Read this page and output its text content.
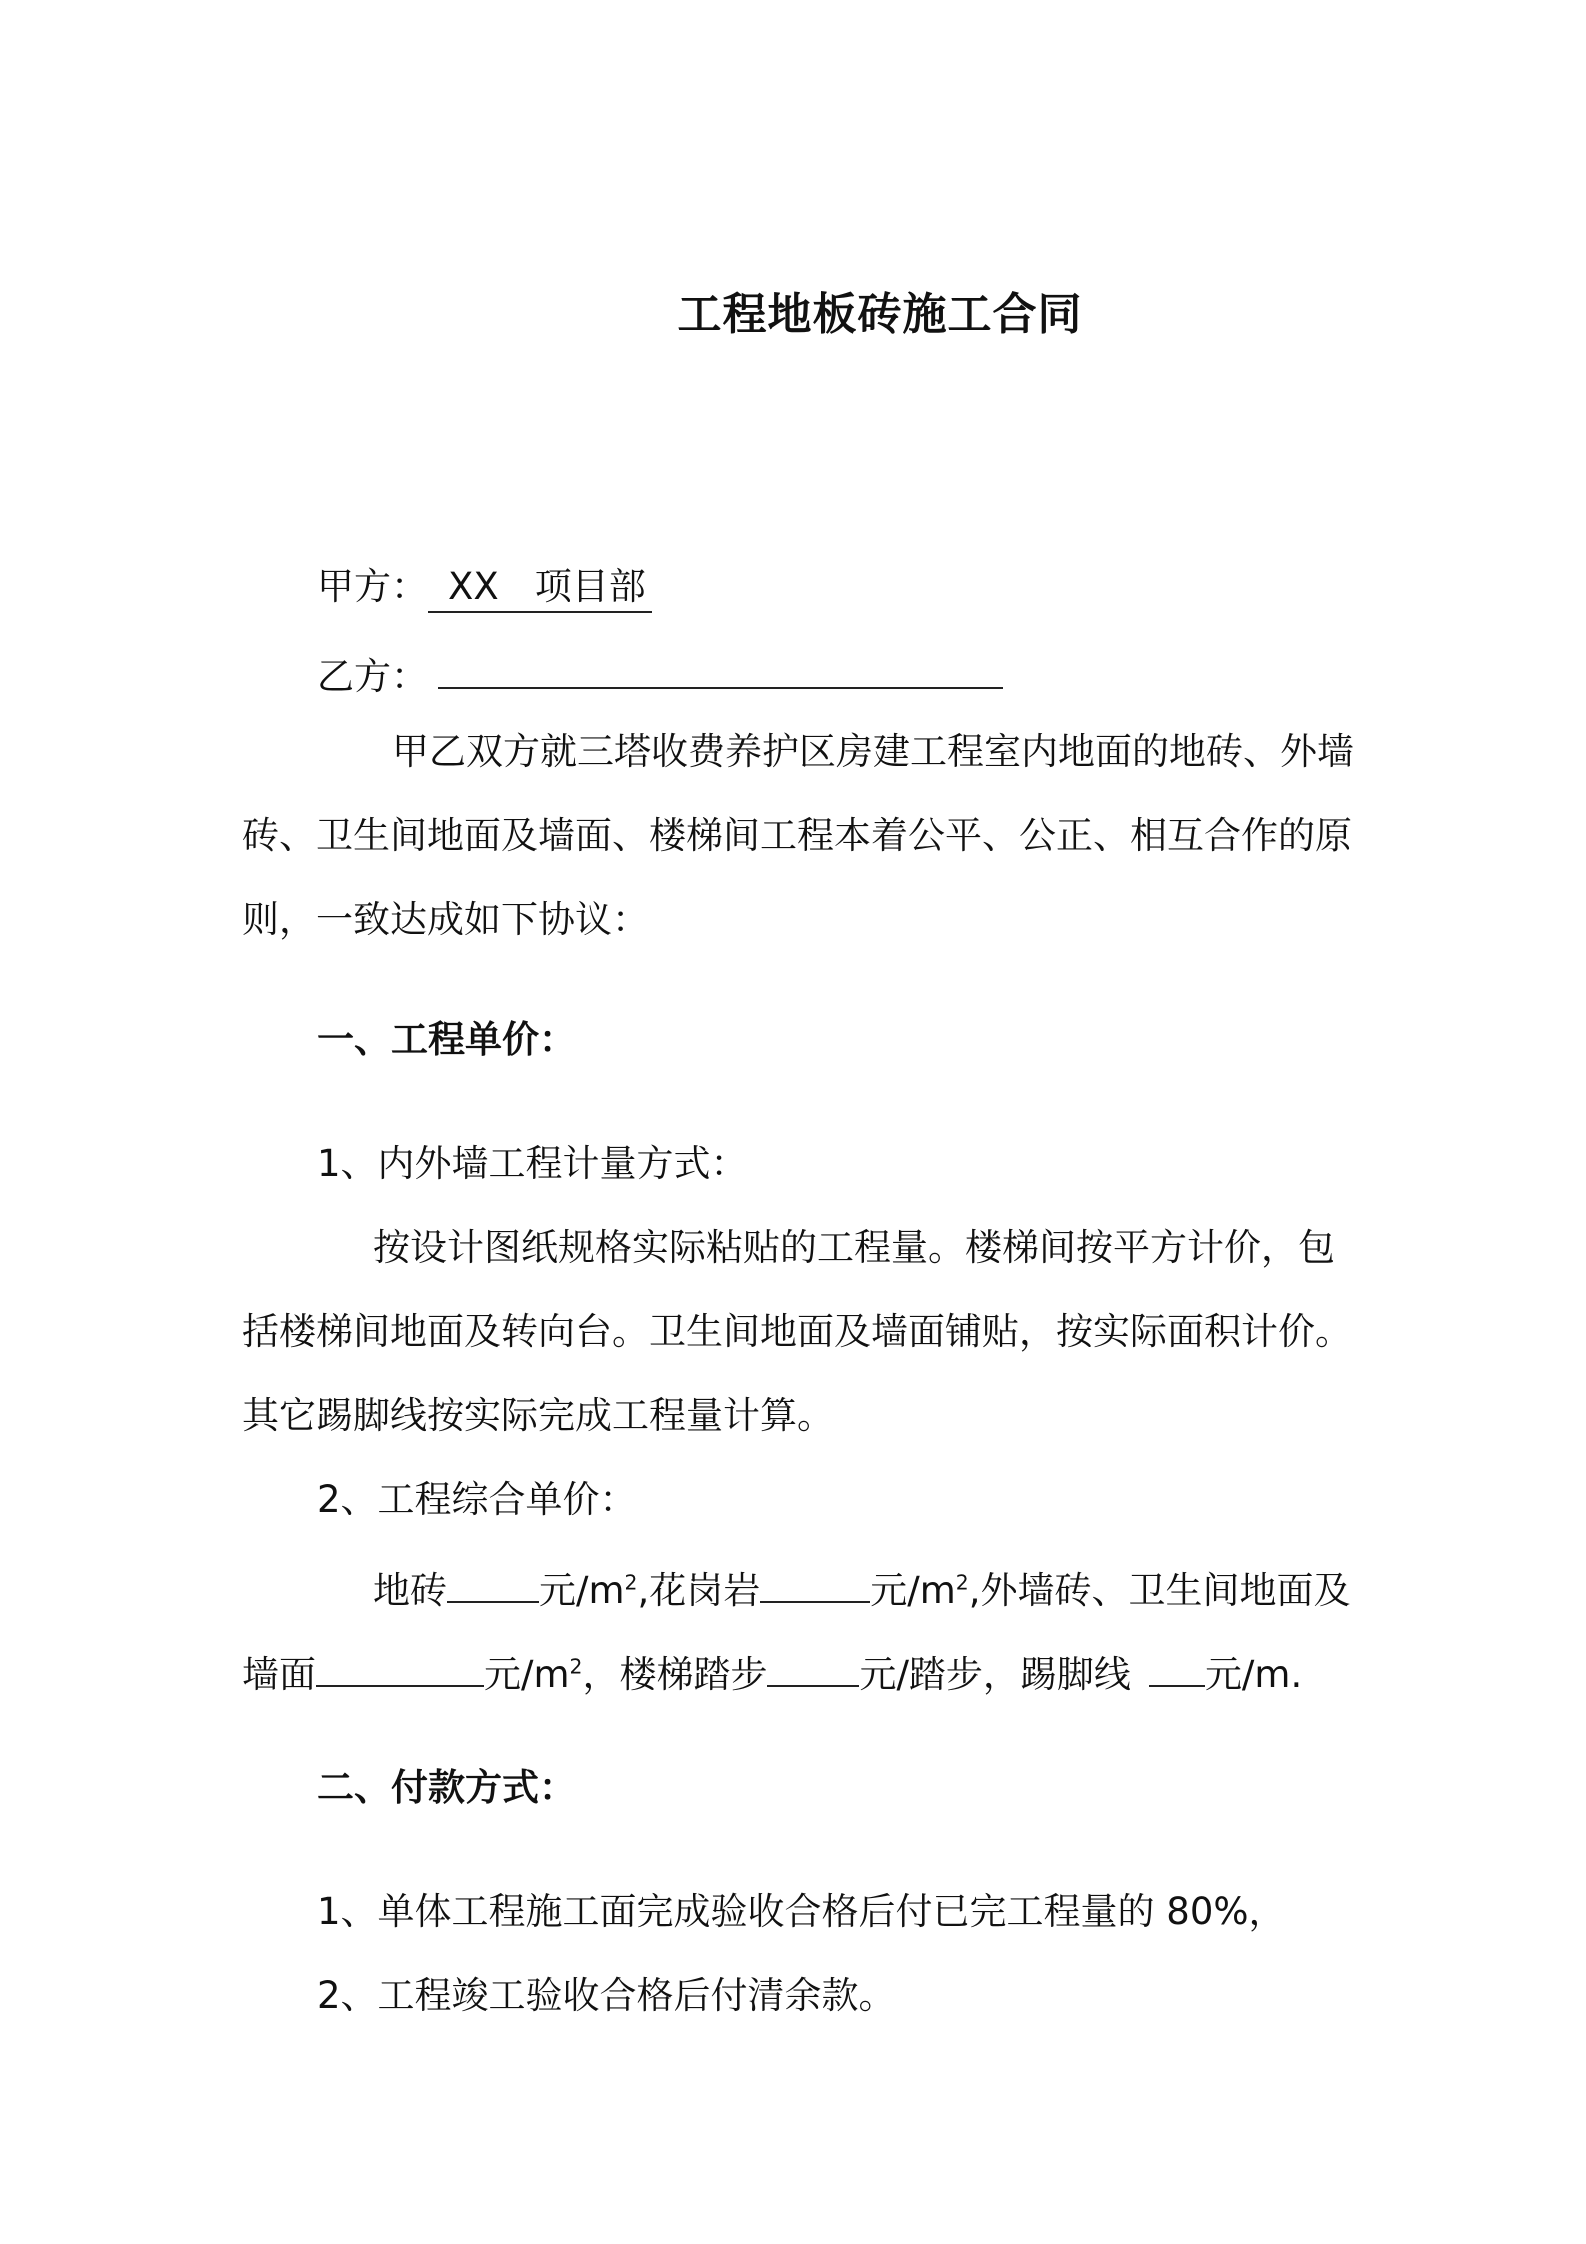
工程地板砖施工合同
甲方： XX 项目部
乙方：
甲乙双方就三塔收费养护区房建工程室内地面的地砖、外墙
砖、卫生间地面及墙面、楼梯间工程本着公平、公正、相互合作的原
则，一致达成如下协议：
一、工程单价：
1、内外墙工程计量方式：
按设计图纸规格实际粘贴的工程量。楼梯间按平方计价，包
括楼梯间地面及转向台。卫生间地面及墙面铺贴，按实际面积计价。
其它踢脚线按实际完成工程量计算。
2、工程综合单价：
地砖 元$/m^2$,花岗岩	元$/m^2$,外墙砖、卫生间地面及
墙面	元$/m^2$，楼梯踏步 元/踏步，踢脚线 元/m.
二、付款方式：
1、单体工程施工面完成验收合格后付已完工程量的 80%，
2、工程竣工验收合格后付清余款。
